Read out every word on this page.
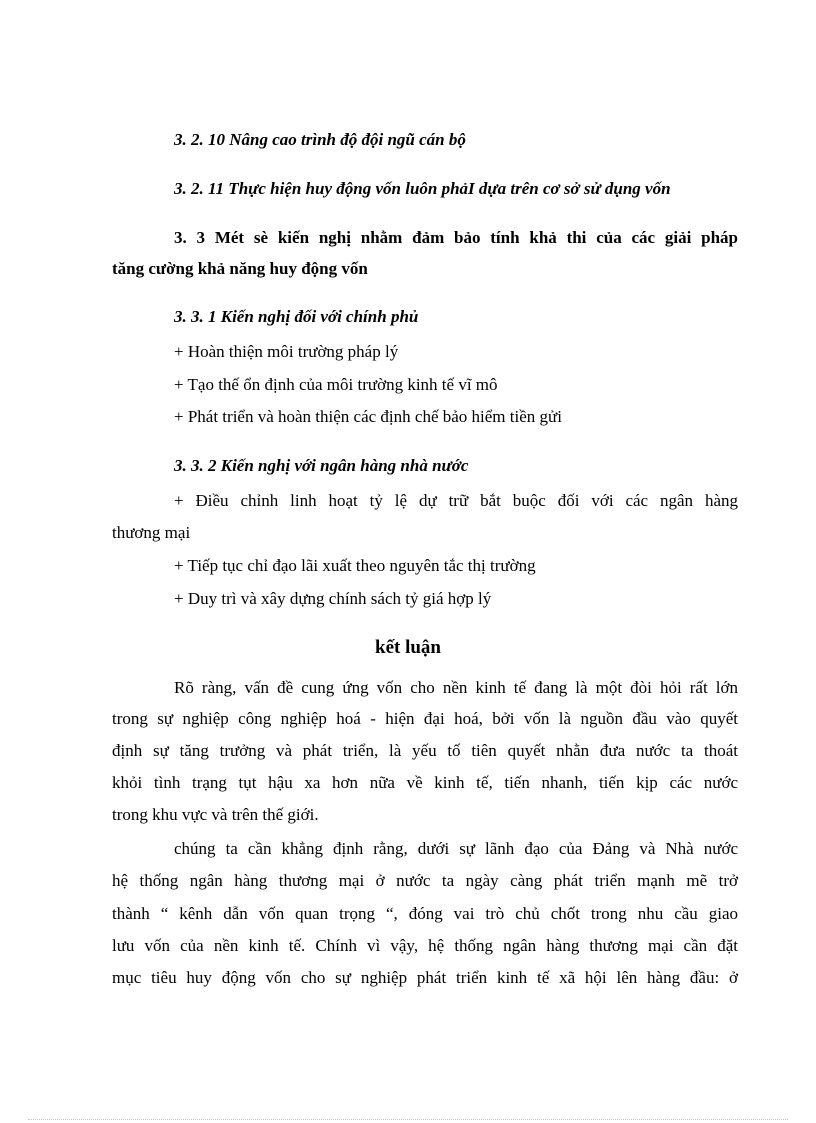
3. 2. 10 Nâng cao trình độ đội ngũ cán bộ
3. 2. 11 Thực hiện huy động vốn luôn phảI dựa trên cơ sở sử dụng vốn
3. 3 Mét sè kiến nghị nhằm đảm bảo tính khả thi của các giải pháp
tăng cường khả năng huy động vốn
3. 3. 1 Kiến nghị đối với chính phủ
+ Hoàn thiện môi trường pháp lý
+ Tạo thế ổn định của môi trường kinh tế vĩ mô
+ Phát triển và hoàn thiện các định chế bảo hiểm tiền gửi
3. 3. 2 Kiến nghị với ngân hàng nhà nước
+ Điều chỉnh linh hoạt tỷ lệ dự trữ bắt buộc đối với các ngân hàng
thương mại
+ Tiếp tục chỉ đạo lãi xuất theo nguyên tắc thị trường
+ Duy trì và xây dựng chính sách tỷ giá hợp lý
kết luận
Rõ ràng, vấn đề cung ứng vốn cho nền kinh tế đang là một đòi hỏi rất lớn
trong sự nghiệp công nghiệp hoá - hiện đại hoá, bởi vốn là nguồn đầu vào quyết
định sự tăng trưởng và phát triển, là yếu tố tiên quyết nhằn đưa nước ta thoát
khỏi tình trạng tụt hậu xa hơn nữa về kinh tế, tiến nhanh, tiến kịp các nước
trong khu vực và trên thế giới.
chúng ta cần khẳng định rằng, dưới sự lãnh đạo của Đảng và Nhà nước
hệ thống ngân hàng thương mại ở nước ta ngày càng phát triển mạnh mẽ trở
thành “ kênh dẫn vốn quan trọng “, đóng vai trò chủ chốt trong nhu cầu giao
lưu vốn của nền kinh tế. Chính vì vậy, hệ thống ngân hàng thương mại cần đặt
mục tiêu huy động vốn cho sự nghiệp phát triển kinh tế xã hội lên hàng đầu: ở
